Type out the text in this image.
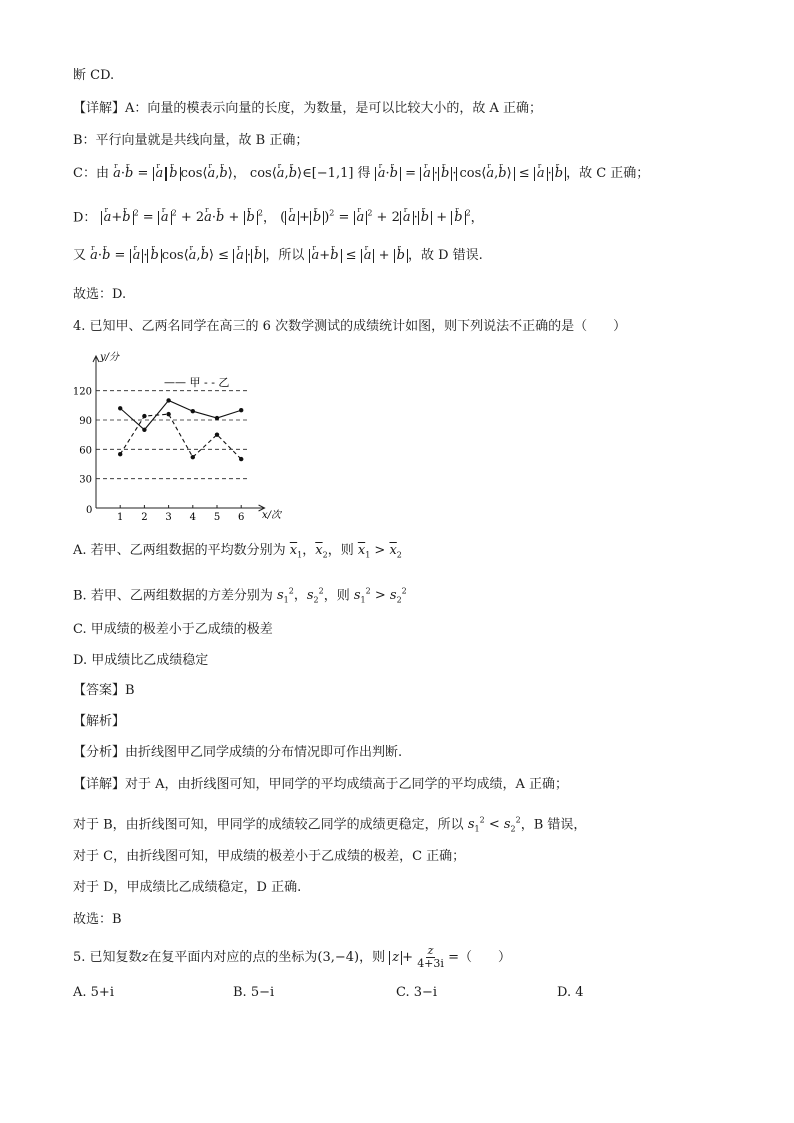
断 CD.
【详解】A：向量的模表示向量的长度，为数量，是可以比较大小的，故 A 正确；
B：平行向量就是共线向量，故 B 正确；
C：由 r a·r b = r a r b cos⟨r a,r b⟩， cos⟨r a,r b⟩∈[−1,1] 得 r a·r b = r a · r b · cos⟨r a,r b⟩ ≤ r a · r b ，故 C 正确；
D： r a+r b $^2$ = r a $^2$ + 2r a·r b + r b $^2$， ( r a + r b )$^2$ = r a $^2$ + 2 r a · r b + r b $^2$，
又 r a·r b = r a · r b cos⟨r a,r b⟩ ≤ r a · r b ，所以 r a+r b ≤ r a + r b ，故 D 错误.
故选：D.
4. 已知甲、乙两名同学在高三的 6 次数学测试的成绩统计如图，则下列说法不正确的是（　　）
30
60
90
120
1 2 3 4 5 6
—— 甲 - - 乙
y/分
x/次
0
A. 若甲、乙两组数据的平均数分别为 $\overline{x}_1$，$\overline{x}_2$，则 $\overline{x}_1 > \overline{x}_2$
B. 若甲、乙两组数据的方差分别为 $s_1^2$，$s_2^2$，则 $s_1^2 > s_2^2$
C. 甲成绩的极差小于乙成绩的极差
D. 甲成绩比乙成绩稳定
【答案】B
【解析】
【分析】由折线图甲乙同学成绩的分布情况即可作出判断.
【详解】对于 A，由折线图可知，甲同学的平均成绩高于乙同学的平均成绩，A 正确；
对于 B，由折线图可知，甲同学的成绩较乙同学的成绩更稳定，所以 $s_1^2 < s_2^2$，B 错误，
对于 C，由折线图可知，甲成绩的极差小于乙成绩的极差，C 正确；
对于 D，甲成绩比乙成绩稳定，D 正确.
故选：B
5. 已知复数z在复平面内对应的点的坐标为(3,−4)，则 $z + \frac{z}{4+3i}$ =（　　）
A. 5+i	B. 5−i	C. 3−i	D. 4
